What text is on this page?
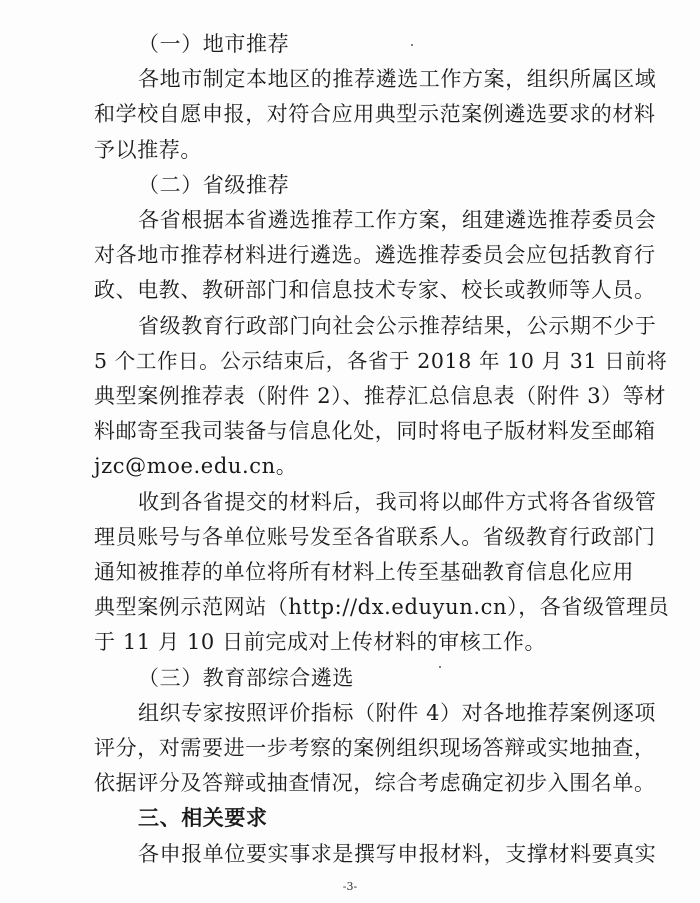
（一）地市推荐
各地市制定本地区的推荐遴选工作方案，组织所属区域
和学校自愿申报，对符合应用典型示范案例遴选要求的材料
予以推荐。
（二）省级推荐
各省根据本省遴选推荐工作方案，组建遴选推荐委员会
对各地市推荐材料进行遴选。遴选推荐委员会应包括教育行
政、电教、教研部门和信息技术专家、校长或教师等人员。
省级教育行政部门向社会公示推荐结果，公示期不少于
5 个工作日。公示结束后，各省于 2018 年 10 月 31 日前将
典型案例推荐表（附件 2）、推荐汇总信息表（附件 3）等材
料邮寄至我司装备与信息化处，同时将电子版材料发至邮箱
jzc@moe.edu.cn。
收到各省提交的材料后，我司将以邮件方式将各省级管
理员账号与各单位账号发至各省联系人。省级教育行政部门
通知被推荐的单位将所有材料上传至基础教育信息化应用
典型案例示范网站（http://dx.eduyun.cn），各省级管理员
于 11 月 10 日前完成对上传材料的审核工作。
（三）教育部综合遴选
组织专家按照评价指标（附件 4）对各地推荐案例逐项
评分，对需要进一步考察的案例组织现场答辩或实地抽查，
依据评分及答辩或抽查情况，综合考虑确定初步入围名单。
三、相关要求
各申报单位要实事求是撰写申报材料，支撑材料要真实
-3-
